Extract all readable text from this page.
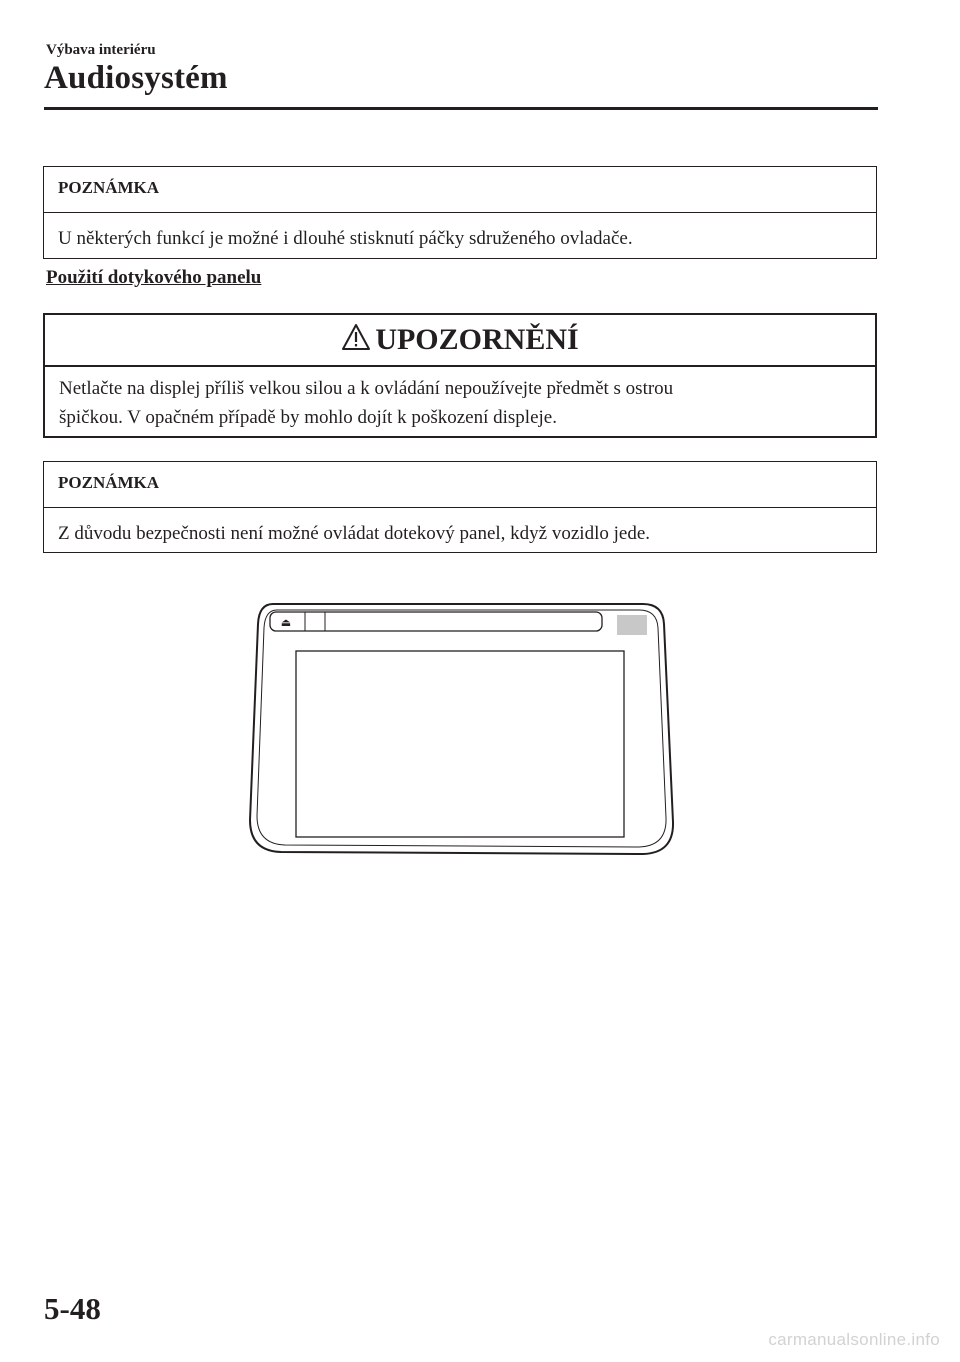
Výbava interiéru
Audiosystém
POZNÁMKA
U některých funkcí je možné i dlouhé stisknutí páčky sdruženého ovladače.
Použití dotykového panelu
UPOZORNĚNÍ
Netlačte na displej příliš velkou silou a k ovládání nepoužívejte předmět s ostrou
špičkou. V opačném případě by mohlo dojít k poškození displeje.
POZNÁMKA
Z důvodu bezpečnosti není možné ovládat dotekový panel, když vozidlo jede.
⏏
5-48
carmanualsonline.info
